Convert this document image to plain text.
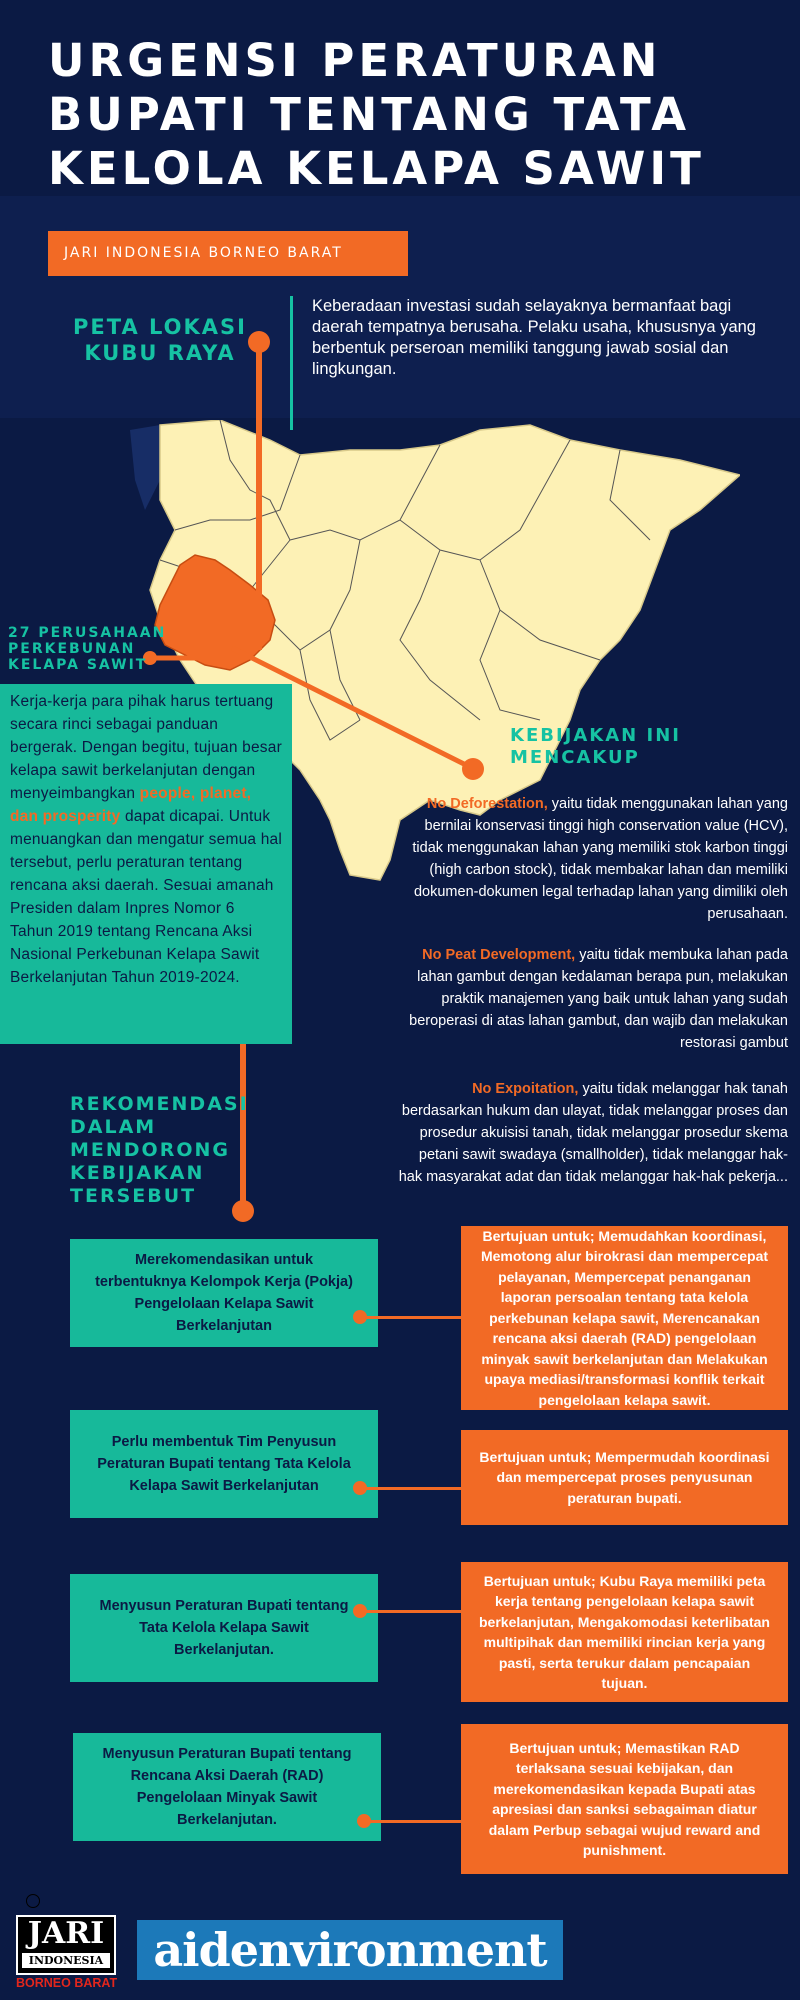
URGENSI PERATURAN
BUPATI TENTANG TATA
KELOLA KELAPA SAWIT
JARI INDONESIA BORNEO BARAT
PETA LOKASI
KUBU RAYA
Keberadaan investasi sudah selayaknya bermanfaat bagi daerah tempatnya berusaha. Pelaku usaha, khususnya yang berbentuk perseroan memiliki tanggung jawab sosial dan lingkungan.
27 PERUSAHAAN
PERKEBUNAN
KELAPA SAWIT
Kerja-kerja para pihak harus tertuang secara rinci sebagai panduan bergerak. Dengan begitu, tujuan besar kelapa sawit berkelanjutan dengan menyeimbangkan people, planet, dan prosperity dapat dicapai. Untuk menuangkan dan mengatur semua hal tersebut, perlu peraturan tentang rencana aksi daerah. Sesuai amanah Presiden dalam Inpres Nomor 6 Tahun 2019 tentang Rencana Aksi Nasional Perkebunan Kelapa Sawit Berkelanjutan Tahun 2019-2024.
KEBIJAKAN INI
MENCAKUP
No Deforestation, yaitu tidak menggunakan lahan yang bernilai konservasi tinggi high conservation value (HCV), tidak menggunakan lahan yang memiliki stok karbon tinggi (high carbon stock), tidak membakar lahan dan memiliki dokumen-dokumen legal terhadap lahan yang dimiliki oleh perusahaan.
No Peat Development, yaitu tidak membuka lahan pada lahan gambut dengan kedalaman berapa pun, melakukan praktik manajemen yang baik untuk lahan yang sudah beroperasi di atas lahan gambut, dan wajib dan melakukan restorasi gambut
No Expoitation, yaitu tidak melanggar hak tanah berdasarkan hukum dan ulayat, tidak melanggar proses dan prosedur akuisisi tanah, tidak melanggar prosedur skema petani sawit swadaya (smallholder), tidak melanggar hak-hak masyarakat adat dan tidak melanggar hak-hak pekerja...
REKOMENDASI
DALAM
MENDORONG
KEBIJAKAN
TERSEBUT
Merekomendasikan untuk terbentuknya Kelompok Kerja (Pokja) Pengelolaan Kelapa Sawit Berkelanjutan
Bertujuan untuk; Memudahkan koordinasi, Memotong alur birokrasi dan mempercepat pelayanan, Mempercepat penanganan laporan persoalan tentang tata kelola perkebunan kelapa sawit, Merencanakan rencana aksi daerah (RAD) pengelolaan minyak sawit berkelanjutan dan Melakukan upaya mediasi/transformasi konflik terkait pengelolaan kelapa sawit.
Perlu membentuk Tim Penyusun Peraturan Bupati tentang Tata Kelola Kelapa Sawit Berkelanjutan
Bertujuan untuk; Mempermudah koordinasi dan mempercepat proses penyusunan peraturan bupati.
Menyusun Peraturan Bupati tentang Tata Kelola Kelapa Sawit Berkelanjutan.
Bertujuan untuk; Kubu Raya memiliki peta kerja tentang pengelolaan kelapa sawit berkelanjutan, Mengakomodasi keterlibatan multipihak dan memiliki rincian kerja yang pasti, serta terukur dalam pencapaian tujuan.
Menyusun Peraturan Bupati tentang Rencana Aksi Daerah (RAD) Pengelolaan Minyak Sawit Berkelanjutan.
Bertujuan untuk; Memastikan RAD terlaksana sesuai kebijakan, dan merekomendasikan kepada Bupati atas apresiasi dan sanksi sebagaiman diatur dalam Perbup sebagai wujud reward and punishment.
JARI
INDONESIA
BORNEO BARAT
aidenvironment
